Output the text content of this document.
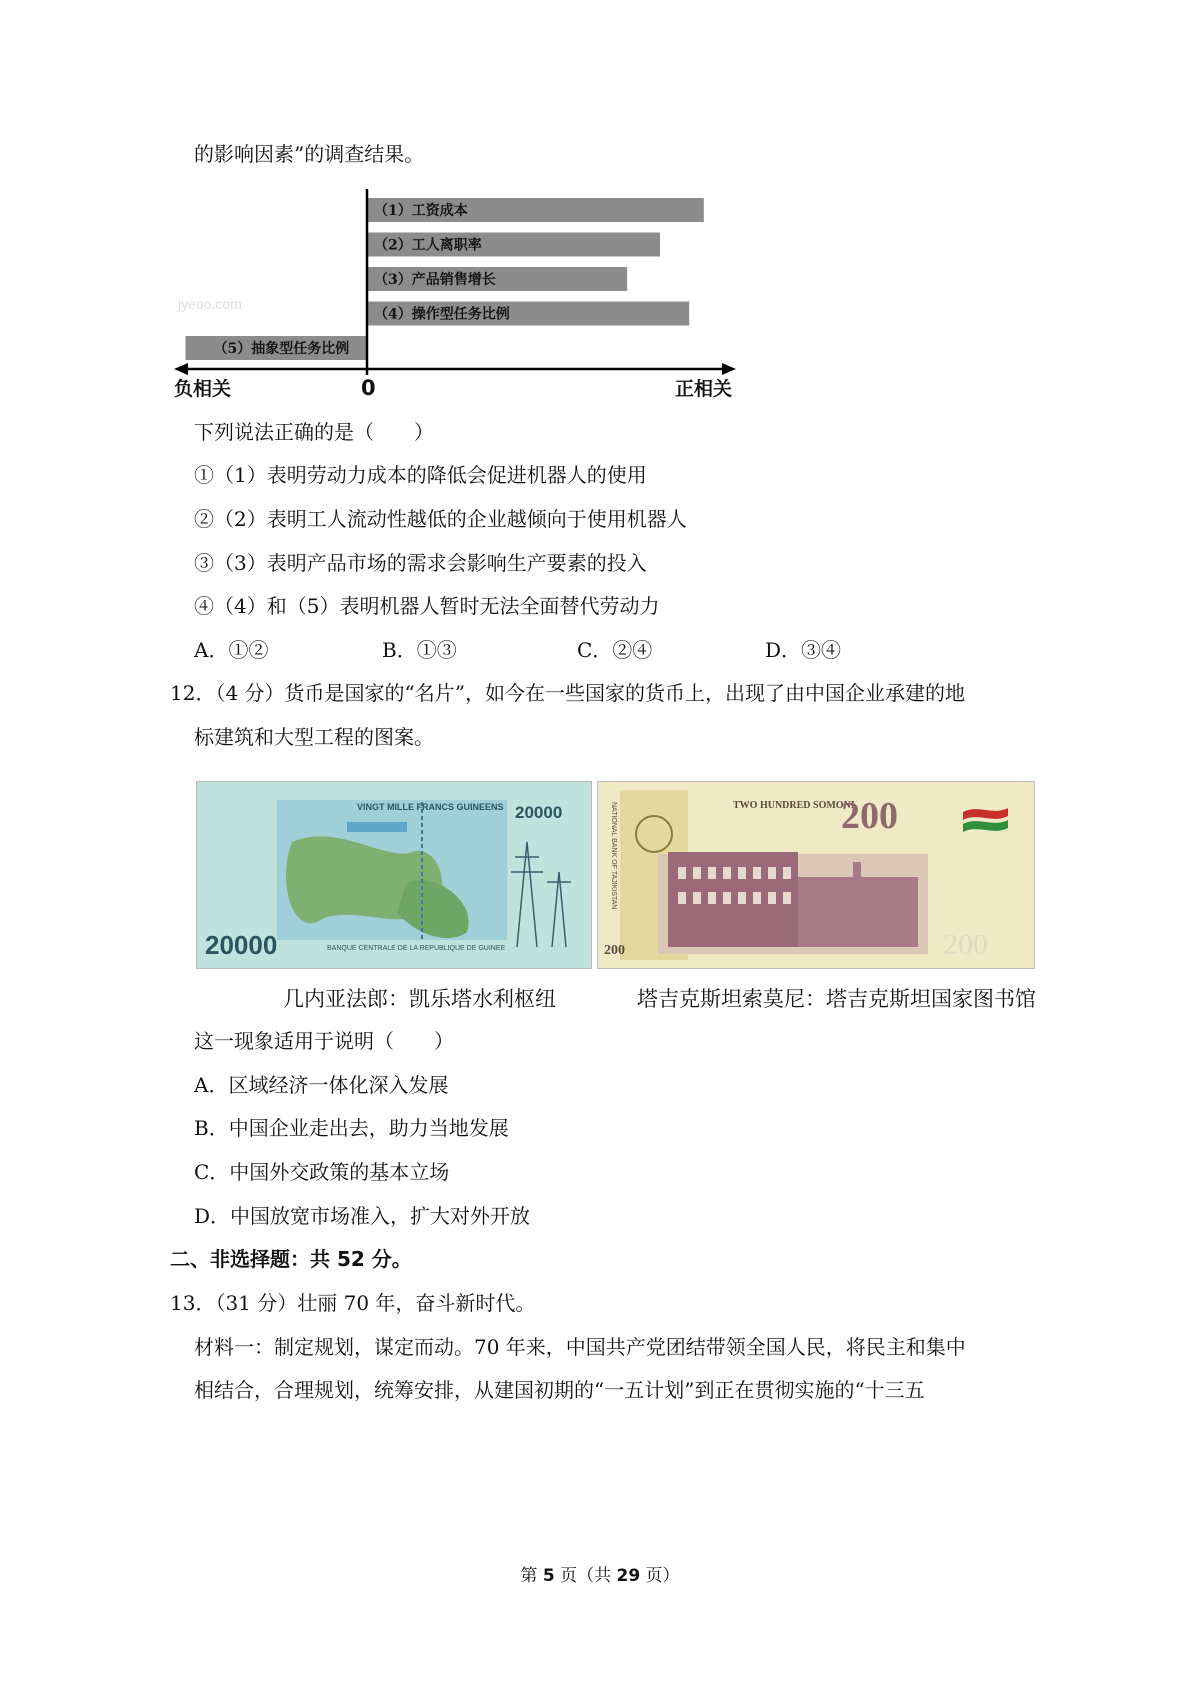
的影响因素”的调查结果。
jyeoo.com
（1）工资成本
（2）工人离职率
（3）产品销售增长
（4）操作型任务比例
（5）抽象型任务比例
负相关	0	正相关
下列说法正确的是（　　）
①（1）表明劳动力成本的降低会促进机器人的使用
②（2）表明工人流动性越低的企业越倾向于使用机器人
③（3）表明产品市场的需求会影响生产要素的投入
④（4）和（5）表明机器人暂时无法全面替代劳动力
A．①②	B．①③	C．②④	D．③④
12．（4 分）货币是国家的“名片”，如今在一些国家的货币上，出现了由中国企业承建的地
标建筑和大型工程的图案。
VINGT MILLE FRANCS GUINEENS 20000
20000	BANQUE CENTRALE DE LA REPUBLIQUE DE GUINEE
NATIONAL BANK OF TAJIKISTAN	TWO HUNDRED SOMONI
200
200	200
几内亚法郎：凯乐塔水利枢纽	塔吉克斯坦索莫尼：塔吉克斯坦国家图书馆
这一现象适用于说明（　　）
A．区域经济一体化深入发展
B．中国企业走出去，助力当地发展
C．中国外交政策的基本立场
D．中国放宽市场准入，扩大对外开放
二、非选择题：共 52 分。
13．（31 分）壮丽 70 年，奋斗新时代。
材料一：制定规划，谋定而动。70 年来，中国共产党团结带领全国人民，将民主和集中
相结合，合理规划，统筹安排，从建国初期的“一五计划”到正在贯彻实施的“十三五
第 5 页（共 29 页）
